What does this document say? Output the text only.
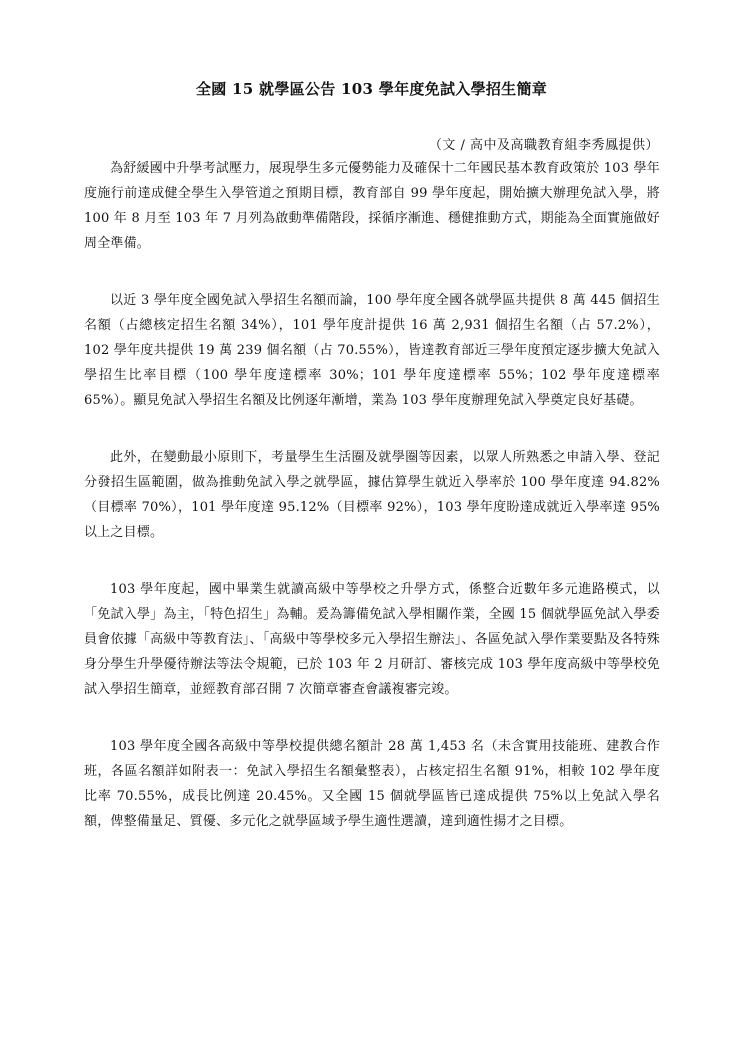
全國 15 就學區公告 103 學年度免試入學招生簡章
（文 / 高中及高職教育組李秀鳳提供）

為舒緩國中升學考試壓力，展現學生多元優勢能力及確保十二年國民基本教育政策於 103 學年度施行前達成健全學生入學管道之預期目標，教育部自 99 學年度起，開始擴大辦理免試入學，將 100 年 8 月至 103 年 7 月列為啟動準備階段，採循序漸進、穩健推動方式，期能為全面實施做好周全準備。

以近 3 學年度全國免試入學招生名額而論，100 學年度全國各就學區共提供 8 萬 445 個招生名額（占總核定招生名額 34%），101 學年度計提供 16 萬 2,931 個招生名額（占 57.2%），102 學年度共提供 19 萬 239 個名額（占 70.55%），皆達教育部近三學年度預定逐步擴大免試入學招生比率目標（100 學年度達標率 30%；101 學年度達標率 55%；102 學年度達標率 65%）。顯見免試入學招生名額及比例逐年漸增，業為 103 學年度辦理免試入學奠定良好基礎。

此外，在變動最小原則下，考量學生生活圈及就學圈等因素，以眾人所熟悉之申請入學、登記分發招生區範圍，做為推動免試入學之就學區，據估算學生就近入學率於 100 學年度達 94.82%（目標率 70%），101 學年度達 95.12%（目標率 92%），103 學年度盼達成就近入學率達 95%以上之目標。

103 學年度起，國中畢業生就讀高級中等學校之升學方式，係整合近數年多元進路模式，以「免試入學」為主，「特色招生」為輔。爰為籌備免試入學相關作業，全國 15 個就學區免試入學委員會依據「高級中等教育法」、「高級中等學校多元入學招生辦法」、各區免試入學作業要點及各特殊身分學生升學優待辦法等法令規範，已於 103 年 2 月研訂、審核完成 103 學年度高級中等學校免試入學招生簡章，並經教育部召開 7 次簡章審查會議複審完竣。

103 學年度全國各高級中等學校提供總名額計 28 萬 1,453 名（未含實用技能班、建教合作班，各區名額詳如附表一：免試入學招生名額彙整表），占核定招生名額 91%，相較 102 學年度比率 70.55%，成長比例達 20.45%。又全國 15 個就學區皆已達成提供 75%以上免試入學名額，俾整備量足、質優、多元化之就學區域予學生適性選讀，達到適性揚才之目標。
